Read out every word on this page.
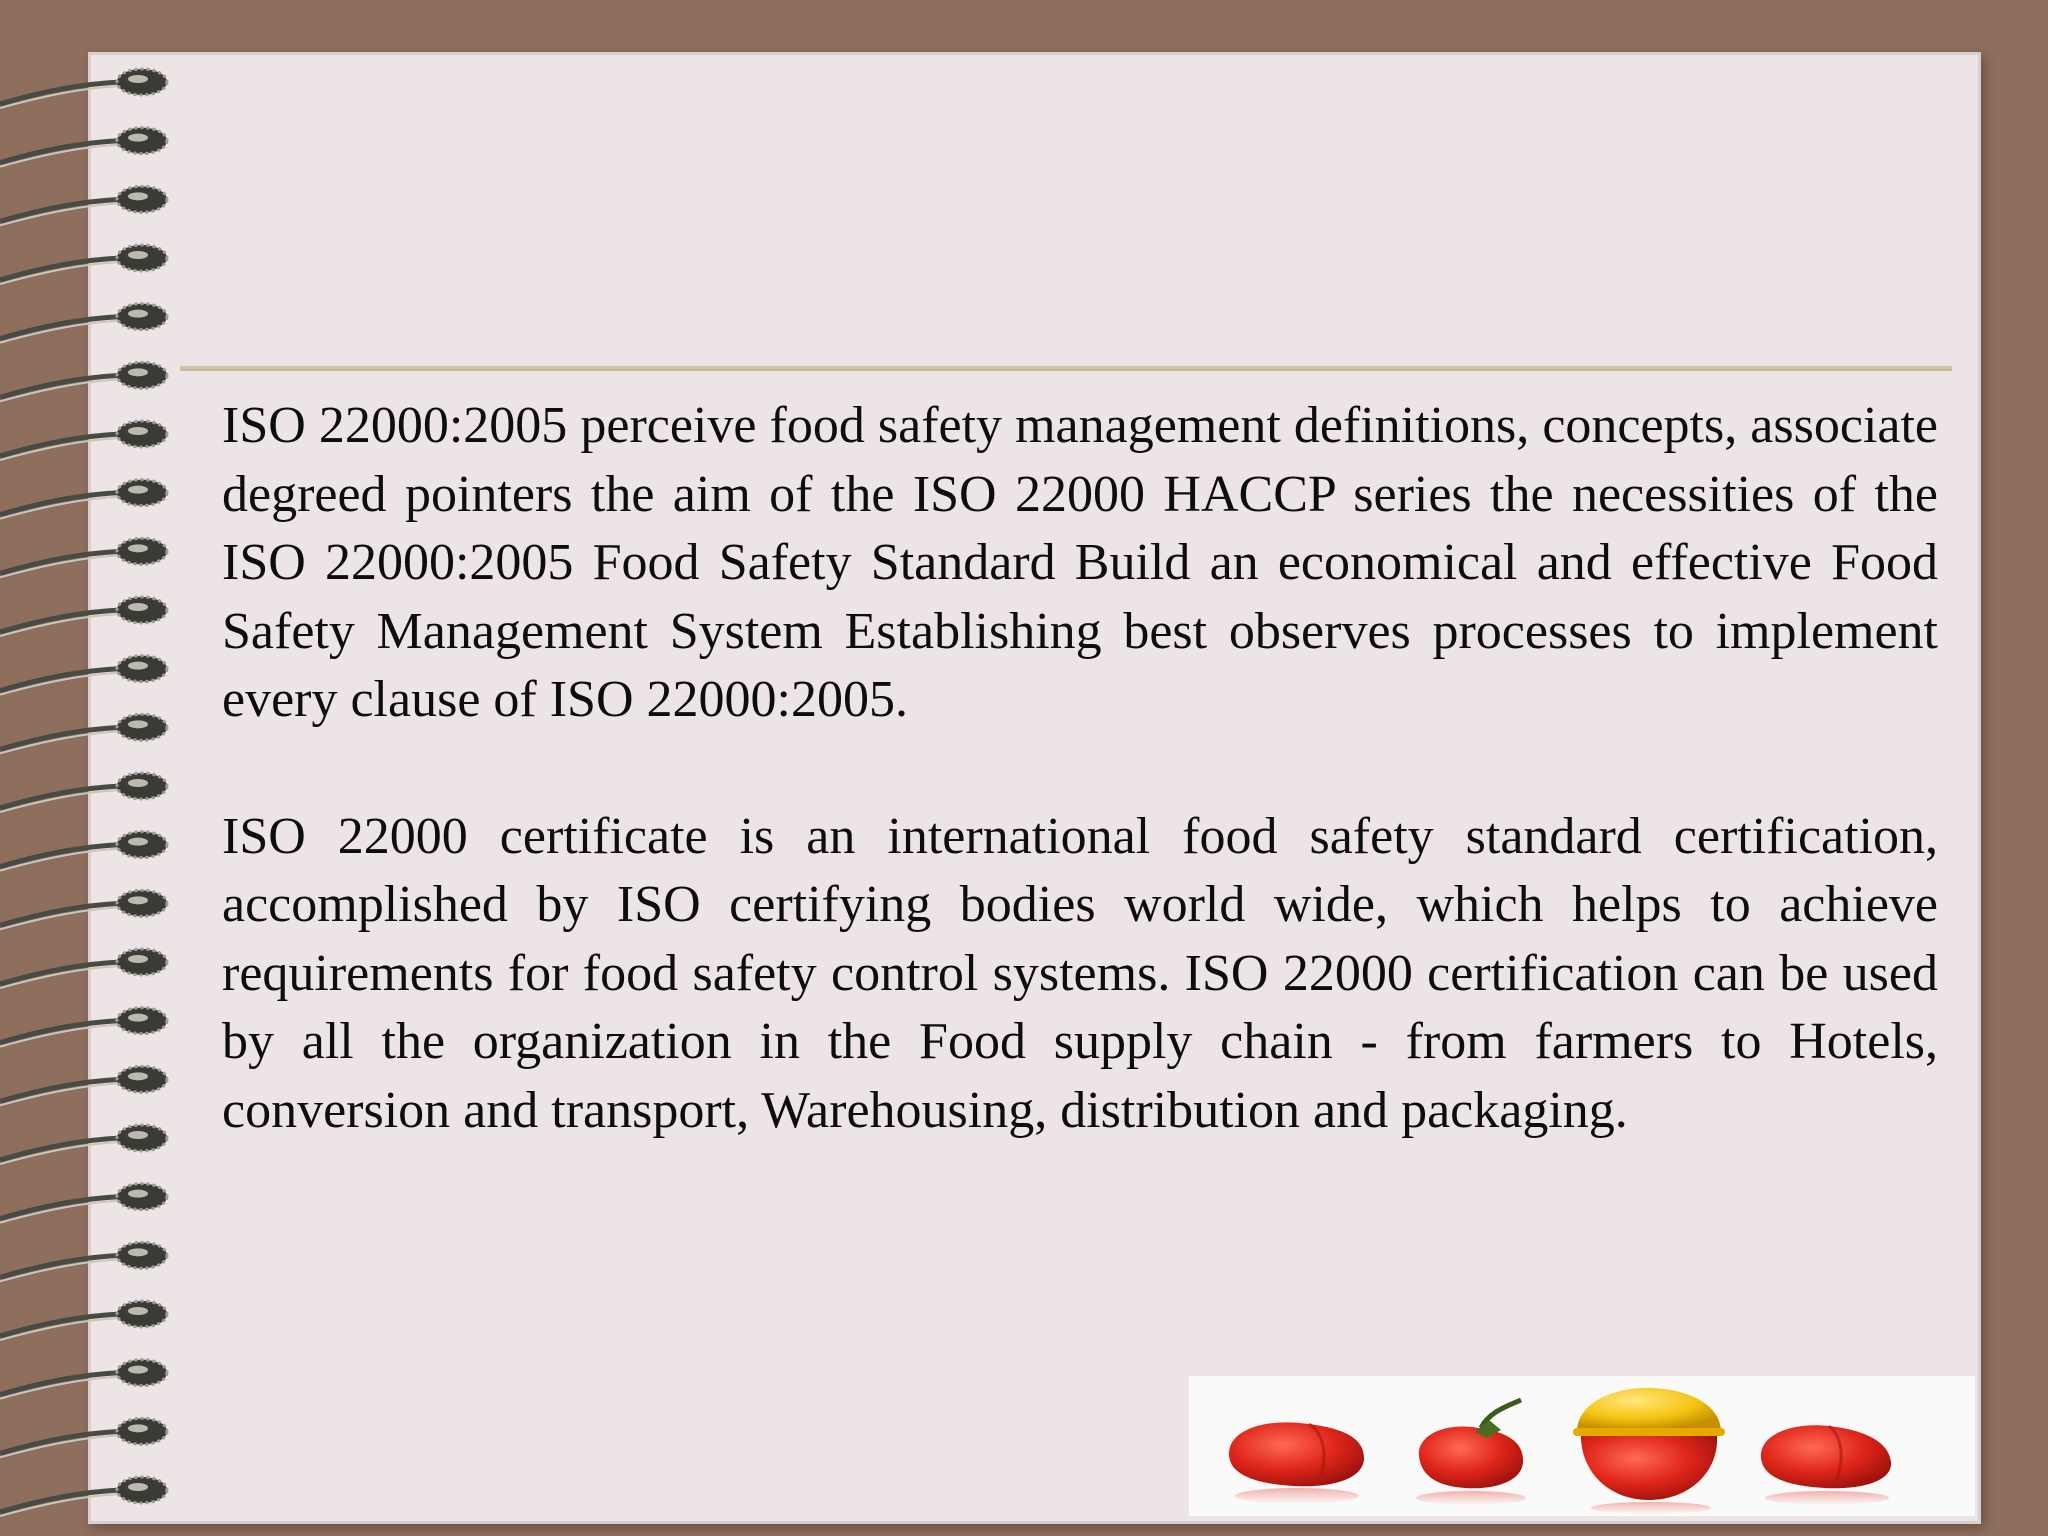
ISO 22000:2005 perceive food safety management definitions, concepts, associate degreed pointers the aim of the ISO 22000 HACCP series the necessities of the ISO 22000:2005 Food Safety Standard Build an economical and effective Food Safety Management System Establishing best observes processes to implement every clause of ISO 22000:2005.

ISO 22000 certificate is an international food safety standard certification, accomplished by ISO certifying bodies world wide, which helps to achieve requirements for food safety control systems. ISO 22000 certification can be used by all the organization in the Food supply chain - from farmers to Hotels, conversion and transport, Warehousing, distribution and packaging.
